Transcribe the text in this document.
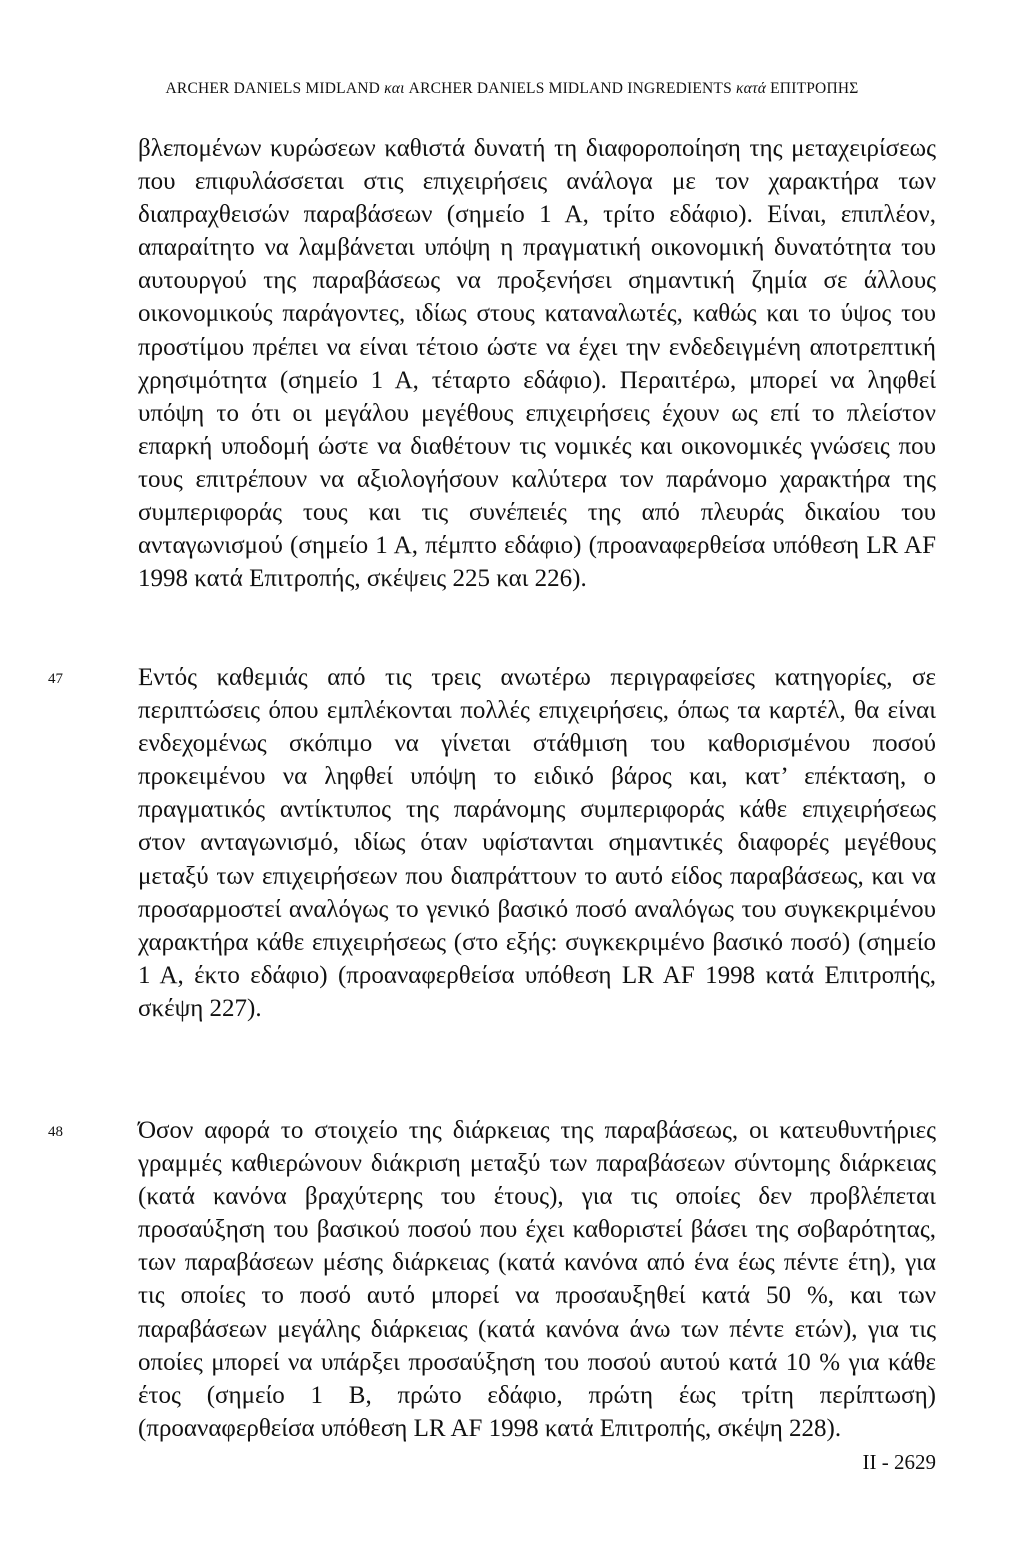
ARCHER DANIELS MIDLAND και ARCHER DANIELS MIDLAND INGREDIENTS κατά ΕΠΙΤΡΟΠΗΣ

βλεπομένων κυρώσεων καθιστά δυνατή τη διαφοροποίηση της μεταχειρίσεως που επιφυλάσσεται στις επιχειρήσεις ανάλογα με τον χαρακτήρα των διαπραχθεισών παραβάσεων (σημείο 1 Α, τρίτο εδάφιο). Είναι, επιπλέον, απαραίτητο να λαμβάνεται υπόψη η πραγματική οικονομική δυνατότητα του αυτουργού της παραβάσεως να προξενήσει σημαντική ζημία σε άλλους οικονομικούς παράγοντες, ιδίως στους καταναλωτές, καθώς και το ύψος του προστίμου πρέπει να είναι τέτοιο ώστε να έχει την ενδεδειγμένη αποτρεπτική χρησιμότητα (σημείο 1 Α, τέταρτο εδάφιο). Περαιτέρω, μπορεί να ληφθεί υπόψη το ότι οι μεγάλου μεγέθους επιχειρήσεις έχουν ως επί το πλείστον επαρκή υποδομή ώστε να διαθέτουν τις νομικές και οικονομικές γνώσεις που τους επιτρέπουν να αξιολογήσουν καλύτερα τον παράνομο χαρακτήρα της συμπεριφοράς τους και τις συνέπειές της από πλευράς δικαίου του ανταγωνισμού (σημείο 1 Α, πέμπτο εδάφιο) (προαναφερθείσα υπόθεση LR AF 1998 κατά Επιτροπής, σκέψεις 225 και 226).

47	Εντός καθεμιάς από τις τρεις ανωτέρω περιγραφείσες κατηγορίες, σε περιπτώσεις όπου εμπλέκονται πολλές επιχειρήσεις, όπως τα καρτέλ, θα είναι ενδεχομένως σκόπιμο να γίνεται στάθμιση του καθορισμένου ποσού προκειμένου να ληφθεί υπόψη το ειδικό βάρος και, κατ’ επέκταση, ο πραγματικός αντίκτυπος της παράνομης συμπεριφοράς κάθε επιχειρήσεως στον ανταγωνισμό, ιδίως όταν υφίστανται σημαντικές διαφορές μεγέθους μεταξύ των επιχειρήσεων που διαπράττουν το αυτό είδος παραβάσεως, και να προσαρμοστεί αναλόγως το γενικό βασικό ποσό αναλόγως του συγκεκριμένου χαρακτήρα κάθε επιχειρήσεως (στο εξής: συγκεκριμένο βασικό ποσό) (σημείο 1 Α, έκτο εδάφιο) (προαναφερθείσα υπόθεση LR AF 1998 κατά Επιτροπής, σκέψη 227).

48	Όσον αφορά το στοιχείο της διάρκειας της παραβάσεως, οι κατευθυντήριες γραμμές καθιερώνουν διάκριση μεταξύ των παραβάσεων σύντομης διάρκειας (κατά κανόνα βραχύτερης του έτους), για τις οποίες δεν προβλέπεται προσαύξηση του βασικού ποσού που έχει καθοριστεί βάσει της σοβαρότητας, των παραβάσεων μέσης διάρκειας (κατά κανόνα από ένα έως πέντε έτη), για τις οποίες το ποσό αυτό μπορεί να προσαυξηθεί κατά 50 %, και των παραβάσεων μεγάλης διάρκειας (κατά κανόνα άνω των πέντε ετών), για τις οποίες μπορεί να υπάρξει προσαύξηση του ποσού αυτού κατά 10 % για κάθε έτος (σημείο 1 Β, πρώτο εδάφιο, πρώτη έως τρίτη περίπτωση) (προαναφερθείσα υπόθεση LR AF 1998 κατά Επιτροπής, σκέψη 228).

II - 2629
